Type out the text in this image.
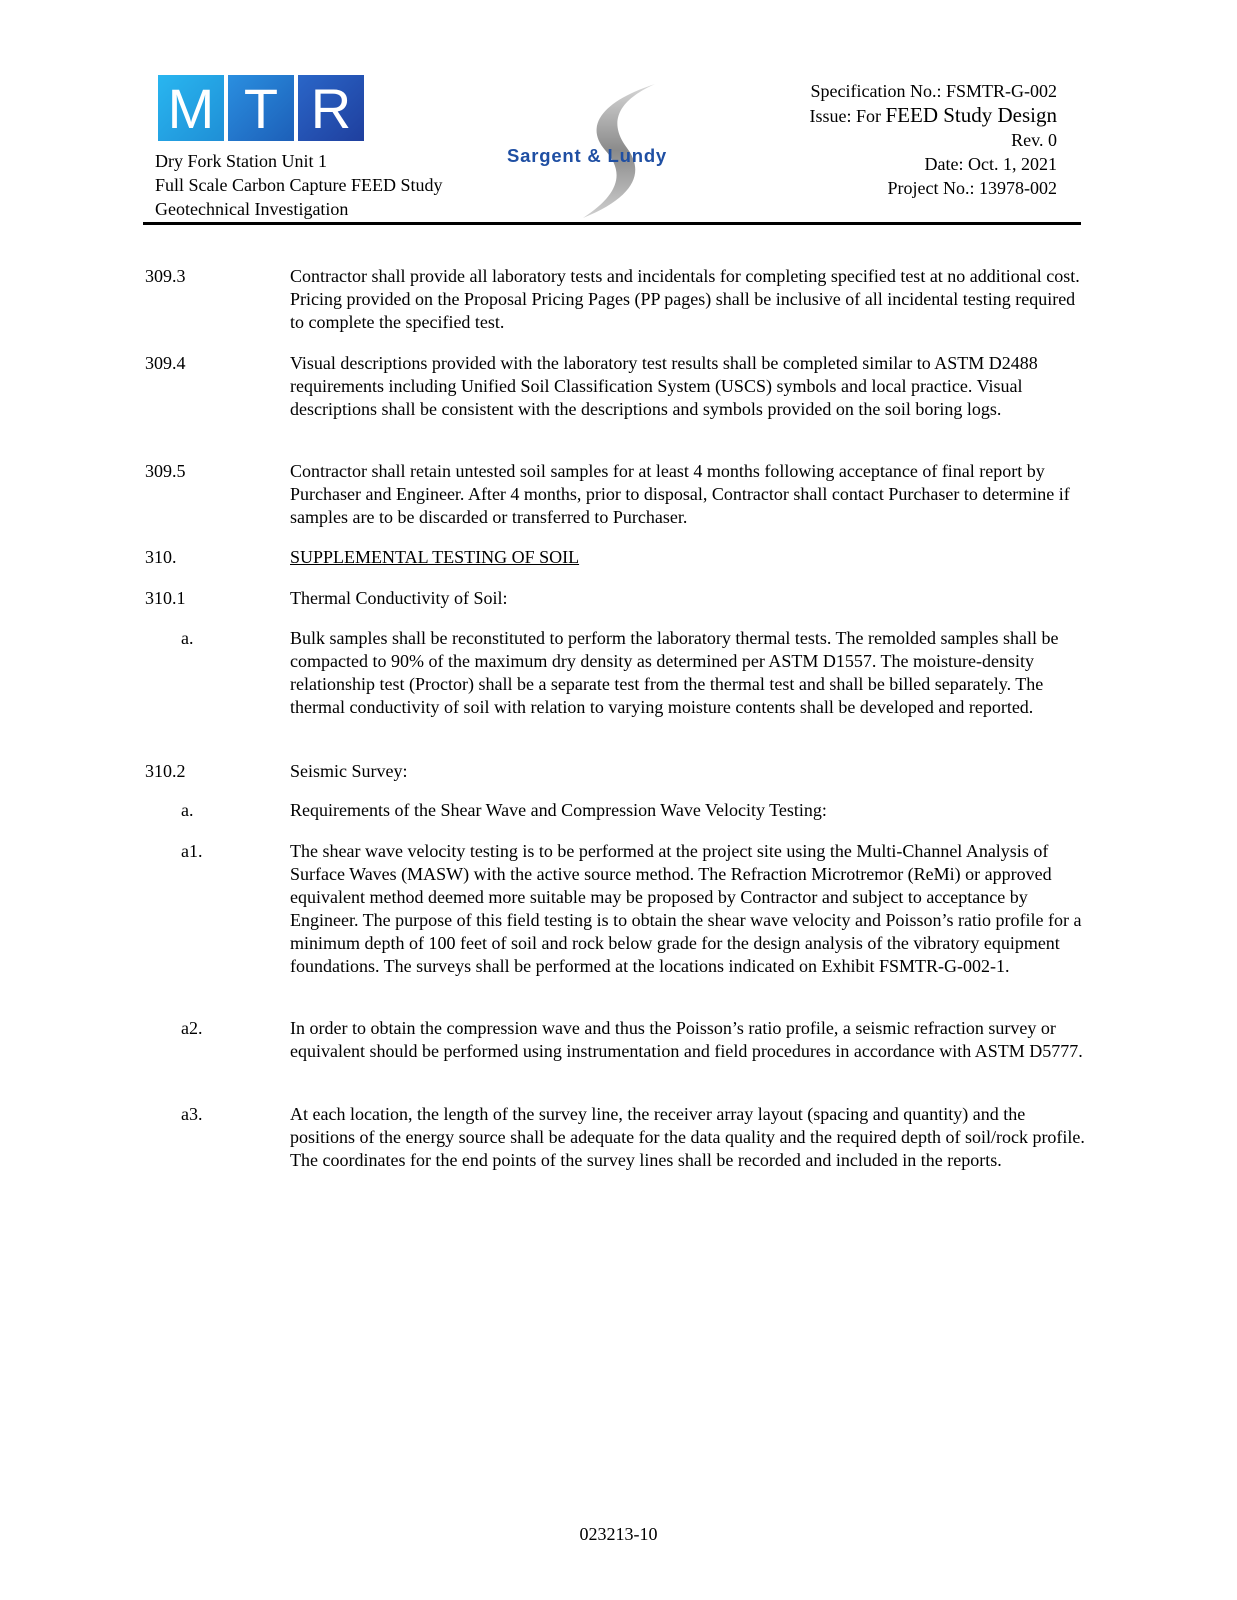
M T R
Dry Fork Station Unit 1
Full Scale Carbon Capture FEED Study
Geotechnical Investigation
Sargent & Lundy
Specification No.: FSMTR-G-002
Issue: For FEED Study Design
Rev. 0
Date: Oct. 1, 2021
Project No.: 13978-002
309.3	Contractor shall provide all laboratory tests and incidentals for completing specified test at no additional cost. Pricing provided on the Proposal Pricing Pages (PP pages) shall be inclusive of all incidental testing required to complete the specified test.
309.4	Visual descriptions provided with the laboratory test results shall be completed similar to ASTM D2488 requirements including Unified Soil Classification System (USCS) symbols and local practice. Visual descriptions shall be consistent with the descriptions and symbols provided on the soil boring logs.
309.5	Contractor shall retain untested soil samples for at least 4 months following acceptance of final report by Purchaser and Engineer. After 4 months, prior to disposal, Contractor shall contact Purchaser to determine if samples are to be discarded or transferred to Purchaser.
310.	SUPPLEMENTAL TESTING OF SOIL
310.1	Thermal Conductivity of Soil:
a.	Bulk samples shall be reconstituted to perform the laboratory thermal tests. The remolded samples shall be compacted to 90% of the maximum dry density as determined per ASTM D1557. The moisture-density relationship test (Proctor) shall be a separate test from the thermal test and shall be billed separately. The thermal conductivity of soil with relation to varying moisture contents shall be developed and reported.
310.2	Seismic Survey:
a.	Requirements of the Shear Wave and Compression Wave Velocity Testing:
a1.	The shear wave velocity testing is to be performed at the project site using the Multi-Channel Analysis of Surface Waves (MASW) with the active source method. The Refraction Microtremor (ReMi) or approved equivalent method deemed more suitable may be proposed by Contractor and subject to acceptance by Engineer. The purpose of this field testing is to obtain the shear wave velocity and Poisson’s ratio profile for a minimum depth of 100 feet of soil and rock below grade for the design analysis of the vibratory equipment foundations. The surveys shall be performed at the locations indicated on Exhibit FSMTR-G-002-1.
a2.	In order to obtain the compression wave and thus the Poisson’s ratio profile, a seismic refraction survey or equivalent should be performed using instrumentation and field procedures in accordance with ASTM D5777.
a3.	At each location, the length of the survey line, the receiver array layout (spacing and quantity) and the positions of the energy source shall be adequate for the data quality and the required depth of soil/rock profile. The coordinates for the end points of the survey lines shall be recorded and included in the reports.
023213-10
